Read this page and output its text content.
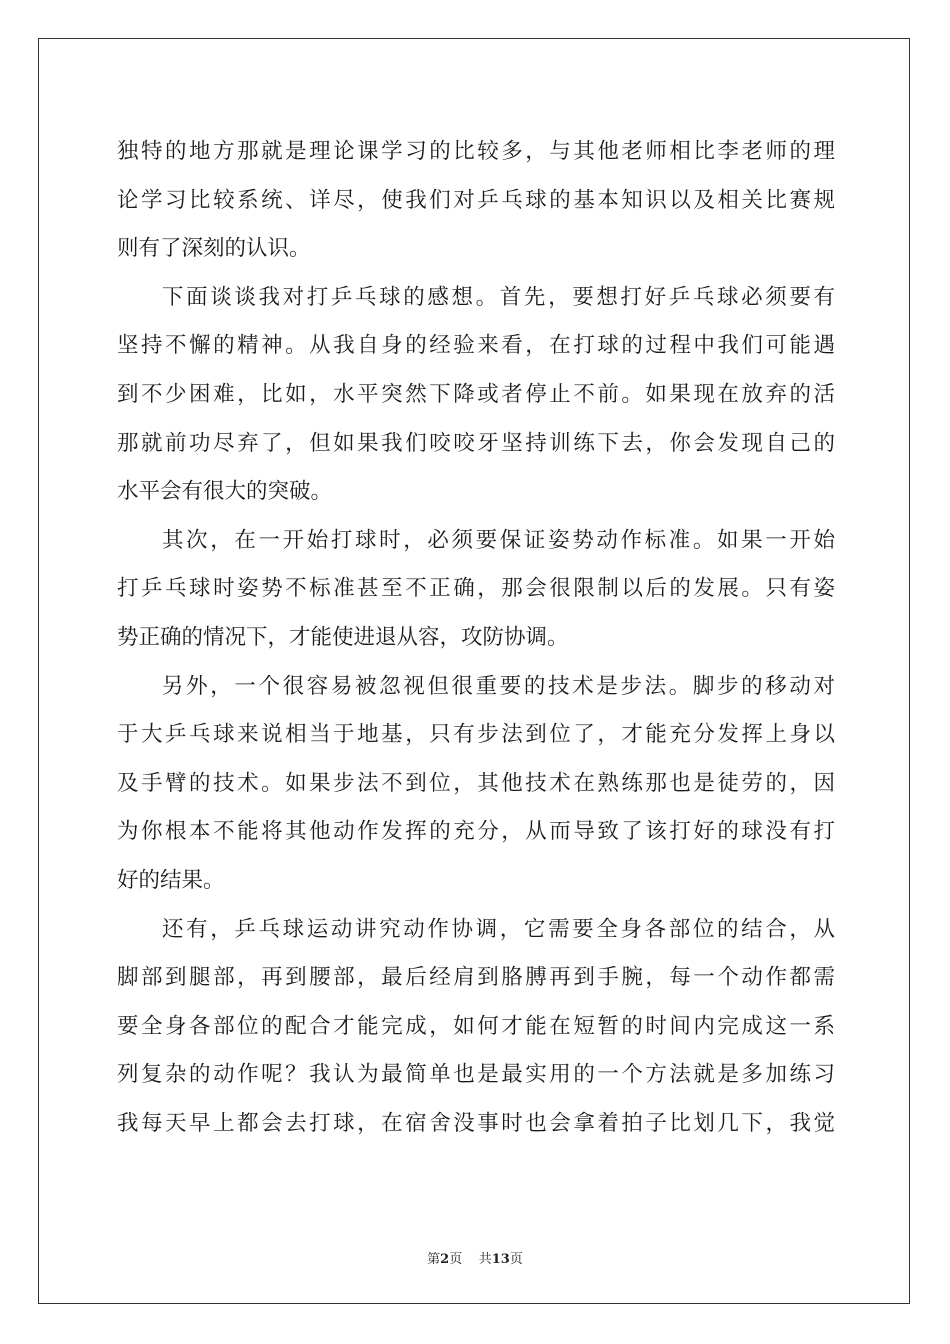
独特的地方那就是理论课学习的比较多，与其他老师相比李老师的理
论学习比较系统、详尽，使我们对乒乓球的基本知识以及相关比赛规
则有了深刻的认识。
下面谈谈我对打乒乓球的感想。首先，要想打好乒乓球必须要有
坚持不懈的精神。从我自身的经验来看，在打球的过程中我们可能遇
到不少困难，比如，水平突然下降或者停止不前。如果现在放弃的活
那就前功尽弃了，但如果我们咬咬牙坚持训练下去，你会发现自己的
水平会有很大的突破。
其次，在一开始打球时，必须要保证姿势动作标准。如果一开始
打乒乓球时姿势不标准甚至不正确，那会很限制以后的发展。只有姿
势正确的情况下，才能使进退从容，攻防协调。
另外，一个很容易被忽视但很重要的技术是步法。脚步的移动对
于大乒乓球来说相当于地基，只有步法到位了，才能充分发挥上身以
及手臂的技术。如果步法不到位，其他技术在熟练那也是徒劳的，因
为你根本不能将其他动作发挥的充分，从而导致了该打好的球没有打
好的结果。
还有，乒乓球运动讲究动作协调，它需要全身各部位的结合，从
脚部到腿部，再到腰部，最后经肩到胳膊再到手腕，每一个动作都需
要全身各部位的配合才能完成，如何才能在短暂的时间内完成这一系
列复杂的动作呢？我认为最简单也是最实用的一个方法就是多加练习
我每天早上都会去打球，在宿舍没事时也会拿着拍子比划几下，我觉
第2页 共13页
